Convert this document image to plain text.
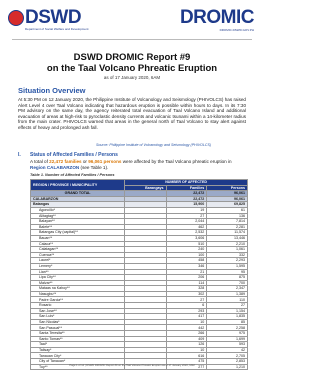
DSWD
Department of Social Welfare and Development
DROMIC
DROMIC.DSWD.GOV.PH
DSWD DROMIC Report #9
on the Taal Volcano Phreatic Eruption
as of 17 January 2020, 6AM
Situation Overview
At 5:30 PM on 12 January 2020, the Philippine Institute of Volcanology and Seismology (PHIVOLCS) has raised Alert Level 4 over Taal Volcano indicating that hazardous eruption is possible within hours to days. In its 7:30 PM advisory on the same day, the agency reiterated total evacuation of Taal Volcano Island and additional evacuation of areas at high-risk to pyroclastic density currents and volcanic tsunami within a 14-kilometer radius from the main crater. PHIVOLCS warned that areas in the general north of Taal Volcano to stay alert against effects of heavy and prolonged ash fall.
Source: Philippine Institute of Volcanology and Seismology (PHIVOLCS)
I. Status of Affected Families / Persons
A total of 22,472 families or 96,061 persons were affected by the Taal Volcano phreatic eruption in Region CALABARZON (see Table 1).
Table 1. Number of Affected Families / Persons
REGION / PROVINCE / MUNICIPALITY	NUMBER OF AFFECTED		
	Barangays	Families	Persons
GRAND TOTAL		22,472	96,061
CALABARZON		22,472	96,061
Batangas		15,900	69,825
Agoncillo*		19	61
Alitagtag**		27	136
Balayan**		2,044	7,814
Balete**		462	2,281
Batangas City (capital)**		2,532	11,574
Bauan**		3,606	13,446
Calaca**		510	2,210
Calatagan**		240	1,061
Cuenca**		100	332
Laurel*		458	2,293
Lemery*		346	1,595
Lian**		21	95
Lipa City**		206	875
Malvar**		114	700
Mataas na Kahoy**		328	2,347
Nasugbu**		302	1,389
Padre Garcia**		27	110
Rosario		6	27
San Jose**		293	1,154
San Luis*		417	1,835
San Nicolas*		10	85
San Pascual**		442	2,258
Santa Teresita**		266	975
Santo Tomas**		409	1,699
Taal*		126	593
Talisay*		10	42
Tanauan City*		616	2,705
City of Tanauan*		475	2,853
Tuy**		277	1,210
Page 1 of 14 | DSWD DROMIC Report #9 on the Taal Volcano Phreatic Eruption as of 17 January 2020, 6AM
